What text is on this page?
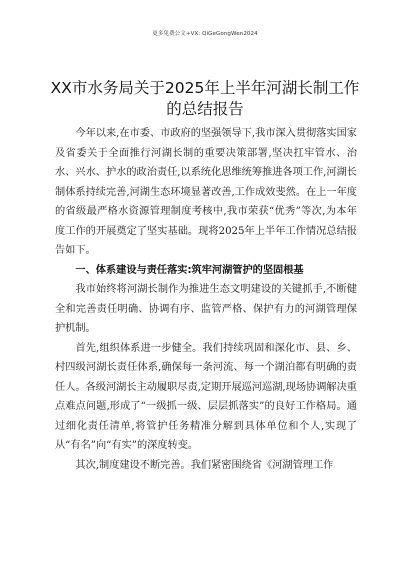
更多免费公文+VX: QiGeGongWen2024
XX市水务局关于2025年上半年河湖长制工作的总结报告

今年以来,在市委、市政府的坚强领导下,我市深入贯彻落实国家及省委关于全面推行河湖长制的重要决策部署,坚决扛牢管水、治水、兴水、护水的政治责任,以系统化思维统筹推进各项工作,河湖长制体系持续完善,河湖生态环境显著改善,工作成效斐然。在上一年度的省级最严格水资源管理制度考核中,我市荣获“优秀”等次,为本年度工作的开展奠定了坚实基础。现将2025年上半年工作情况总结报告如下。

一、体系建设与责任落实:筑牢河湖管护的坚固根基

我市始终将河湖长制作为推进生态文明建设的关键抓手,不断健全和完善责任明确、协调有序、监管严格、保护有力的河湖管理保护机制。

首先,组织体系进一步健全。我们持续巩固和深化市、县、乡、村四级河湖长责任体系,确保每一条河流、每一个湖泊都有明确的责任人。各级河湖长主动履职尽责,定期开展巡河巡湖,现场协调解决重点难点问题,形成了“一级抓一级、层层抓落实”的良好工作格局。通过细化责任清单,将管护任务精准分解到具体单位和个人,实现了从“有名”向“有实”的深度转变。

其次,制度建设不断完善。我们紧密围绕省《河湖管理工作
